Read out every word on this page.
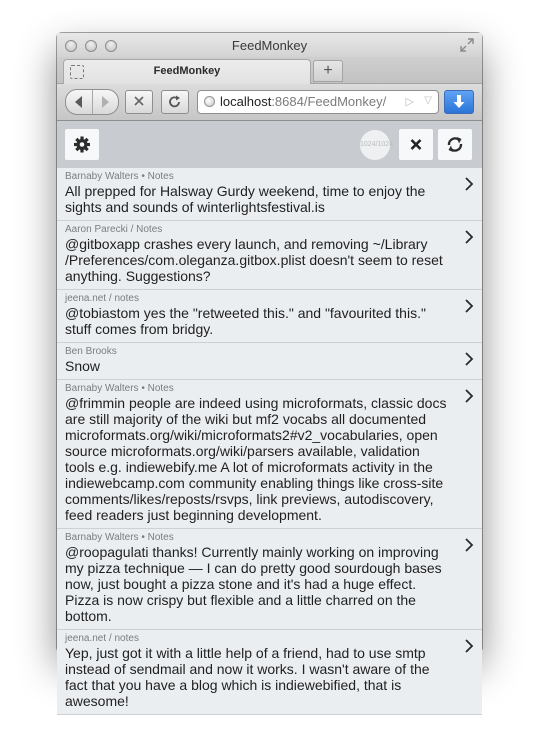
FeedMonkey
FeedMonkey	+
localhost:8684/FeedMonkey/ ▷ ▽
1024/1024
Barnaby Walters • Notes
All prepped for Halsway Gurdy weekend, time to enjoy the sights and sounds of winterlightsfestival.is
Aaron Parecki / Notes
@gitboxapp crashes every launch, and removing ~/Library /Preferences/com.oleganza.gitbox.plist doesn't seem to reset anything. Suggestions?
jeena.net / notes
@tobiastom yes the "retweeted this." and "favourited this." stuff comes from bridgy.
Ben Brooks
Snow
Barnaby Walters • Notes
@frimmin people are indeed using microformats, classic docs are still majority of the wiki but mf2 vocabs all documented microformats.org/wiki/microformats2#v2_vocabularies, open source microformats.org/wiki/parsers available, validation tools e.g. indiewebify.me A lot of microformats activity in the indiewebcamp.com community enabling things like cross-site comments/likes/reposts/rsvps, link previews, autodiscovery, feed readers just beginning development.
Barnaby Walters • Notes
@roopagulati thanks! Currently mainly working on improving my pizza technique — I can do pretty good sourdough bases now, just bought a pizza stone and it's had a huge effect. Pizza is now crispy but flexible and a little charred on the bottom.
jeena.net / notes
Yep, just got it with a little help of a friend, had to use smtp instead of sendmail and now it works. I wasn't aware of the fact that you have a blog which is indiewebified, that is awesome!
